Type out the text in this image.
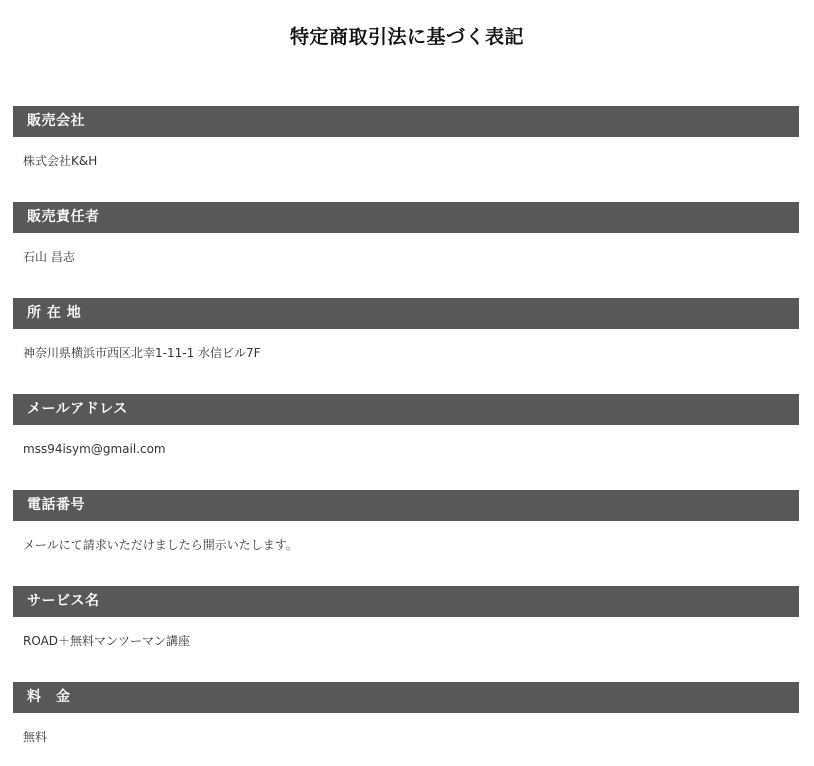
特定商取引法に基づく表記
販売会社
株式会社K&H
販売責任者
石山 昌志
所 在 地
神奈川県横浜市西区北幸1-11-1 水信ビル7F
メールアドレス
mss94isym@gmail.com
電話番号
メールにて請求いただけましたら開示いたします。
サービス名
ROAD＋無料マンツーマン講座
料　金
無料
